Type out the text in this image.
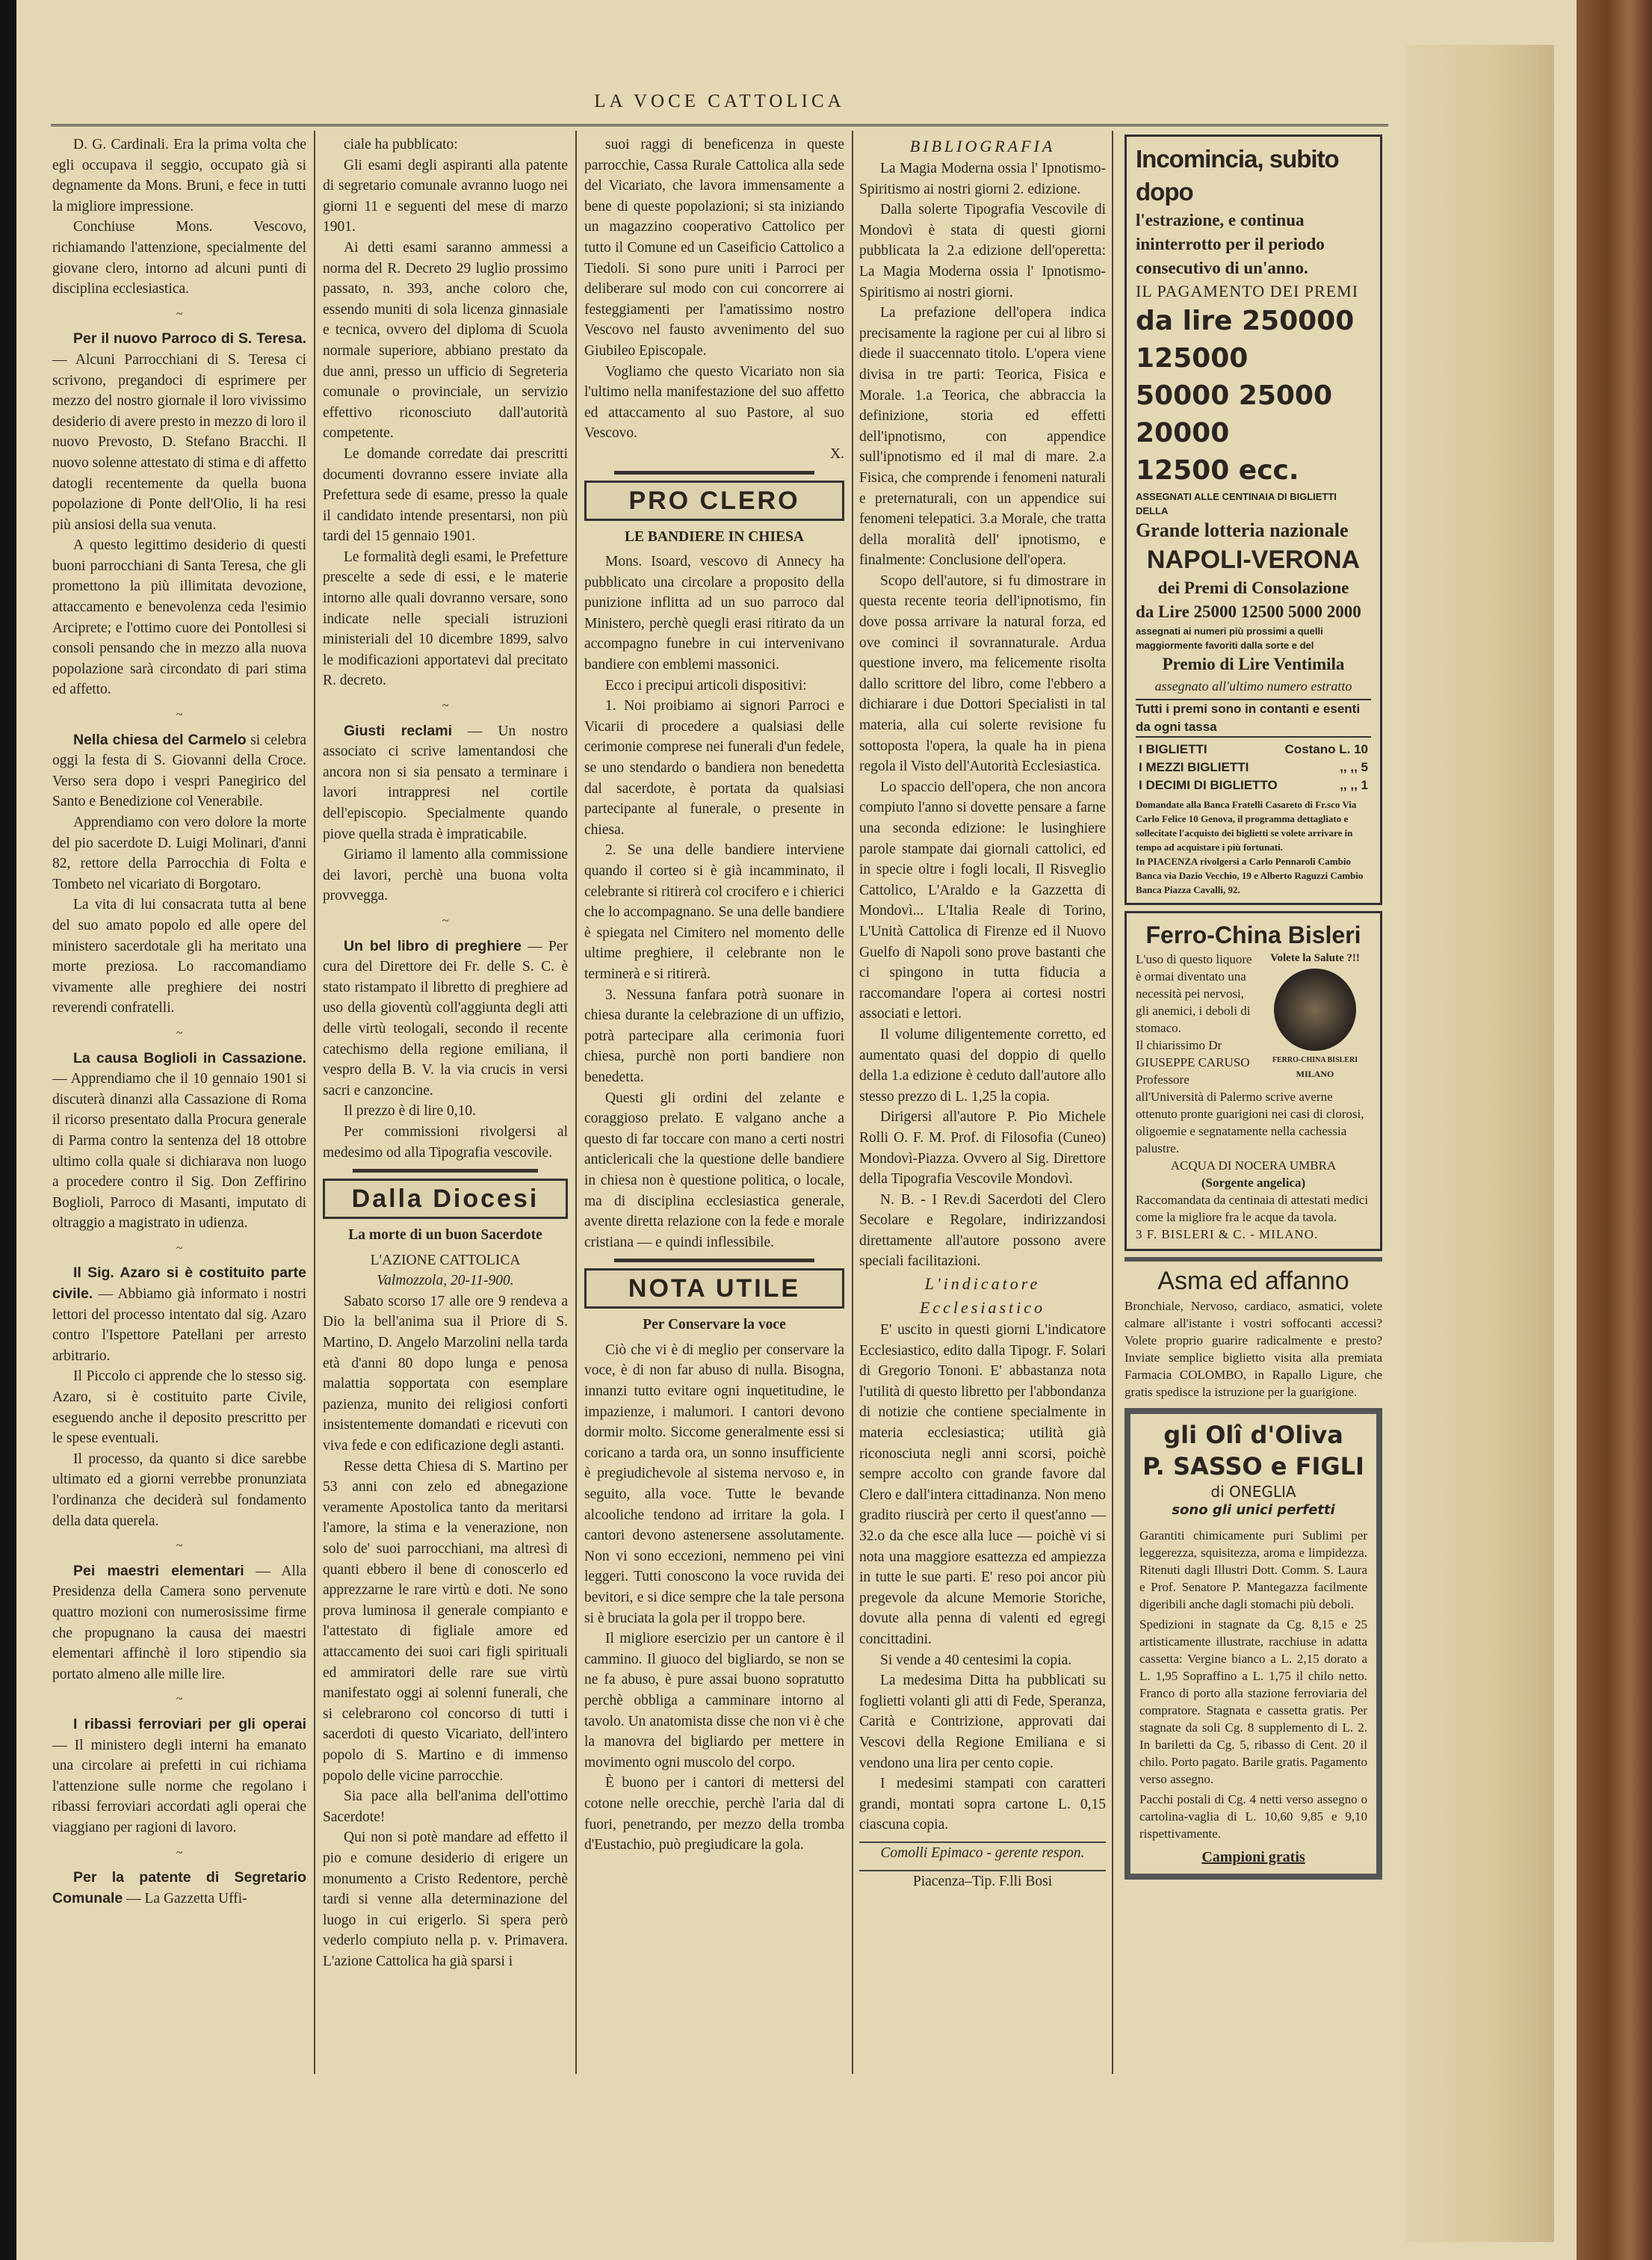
LA VOCE CATTOLICA

D. G. Cardinali. Era la prima volta che egli occupava il seggio, occupato già si degnamente da Mons. Bruni, e fece in tutti la migliore impressione.

Conchiuse Mons. Vescovo, richiamando l'attenzione, specialmente del giovane clero, intorno ad alcuni punti di disciplina ecclesiastica.

~

Per il nuovo Parroco di S. Teresa. — Alcuni Parrocchiani di S. Teresa ci scrivono, pregandoci di esprimere per mezzo del nostro giornale il loro vivissimo desiderio di avere presto in mezzo di loro il nuovo Prevosto, D. Stefano Bracchi. Il nuovo solenne attestato di stima e di affetto datogli recentemente da quella buona popolazione di Ponte dell'Olio, li ha resi più ansiosi della sua venuta.

A questo legittimo desiderio di questi buoni parrocchiani di Santa Teresa, che gli promettono la più illimitata devozione, attaccamento e benevolenza ceda l'esimio Arciprete; e l'ottimo cuore dei Pontollesi si consoli pensando che in mezzo alla nuova popolazione sarà circondato di pari stima ed affetto.

~

Nella chiesa del Carmelo si celebra oggi la festa di S. Giovanni della Croce. Verso sera dopo i vespri Panegirico del Santo e Benedizione col Venerabile.

Apprendiamo con vero dolore la morte del pio sacerdote D. Luigi Molinari, d'anni 82, rettore della Parrocchia di Folta e Tombeto nel vicariato di Borgotaro.

La vita di lui consacrata tutta al bene del suo amato popolo ed alle opere del ministero sacerdotale gli ha meritato una morte preziosa. Lo raccomandiamo vivamente alle preghiere dei nostri reverendi confratelli.

~

La causa Boglioli in Cassazione. — Apprendiamo che il 10 gennaio 1901 si discuterà dinanzi alla Cassazione di Roma il ricorso presentato dalla Procura generale di Parma contro la sentenza del 18 ottobre ultimo colla quale si dichiarava non luogo a procedere contro il Sig. Don Zeffirino Boglioli, Parroco di Masanti, imputato di oltraggio a magistrato in udienza.

~

Il Sig. Azaro si è costituito parte civile. — Abbiamo già informato i nostri lettori del processo intentato dal sig. Azaro contro l'Ispettore Patellani per arresto arbitrario.

Il Piccolo ci apprende che lo stesso sig. Azaro, si è costituito parte Civile, eseguendo anche il deposito prescritto per le spese eventuali.

Il processo, da quanto si dice sarebbe ultimato ed a giorni verrebbe pronunziata l'ordinanza che deciderà sul fondamento della data querela.

~

Pei maestri elementari — Alla Presidenza della Camera sono pervenute quattro mozioni con numerosissime firme che propugnano la causa dei maestri elementari affinchè il loro stipendio sia portato almeno alle mille lire.

~

I ribassi ferroviari per gli operai — Il ministero degli interni ha emanato una circolare ai prefetti in cui richiama l'attenzione sulle norme che regolano i ribassi ferroviari accordati agli operai che viaggiano per ragioni di lavoro.

~

Per la patente di Segretario Comunale — La Gazzetta Uffi-

ciale ha pubblicato:

Gli esami degli aspiranti alla patente di segretario comunale avranno luogo nei giorni 11 e seguenti del mese di marzo 1901.

Ai detti esami saranno ammessi a norma del R. Decreto 29 luglio prossimo passato, n. 393, anche coloro che, essendo muniti di sola licenza ginnasiale e tecnica, ovvero del diploma di Scuola normale superiore, abbiano prestato da due anni, presso un ufficio di Segreteria comunale o provinciale, un servizio effettivo riconosciuto dall'autorità competente.

Le domande corredate dai prescritti documenti dovranno essere inviate alla Prefettura sede di esame, presso la quale il candidato intende presentarsi, non più tardi del 15 gennaio 1901.

Le formalità degli esami, le Prefetture prescelte a sede di essi, e le materie intorno alle quali dovranno versare, sono indicate nelle speciali istruzioni ministeriali del 10 dicembre 1899, salvo le modificazioni apportatevi dal precitato R. decreto.

~

Giusti reclami — Un nostro associato ci scrive lamentandosi che ancora non si sia pensato a terminare i lavori intrappresi nel cortile dell'episcopio. Specialmente quando piove quella strada è impraticabile.

Giriamo il lamento alla commissione dei lavori, perchè una buona volta provvegga.

~

Un bel libro di preghiere — Per cura del Direttore dei Fr. delle S. C. è stato ristampato il libretto di preghiere ad uso della gioventù coll'aggiunta degli atti delle virtù teologali, secondo il recente catechismo della regione emiliana, il vespro della B. V. la via crucis in versi sacri e canzoncine.

Il prezzo è di lire 0,10.

Per commissioni rivolgersi al medesimo od alla Tipografia vescovile.

Dalla Diocesi
La morte di un buon Sacerdote
L'AZIONE CATTOLICA
Valmozzola, 20-11-900.

Sabato scorso 17 alle ore 9 rendeva a Dio la bell'anima sua il Priore di S. Martino, D. Angelo Marzolini nella tarda età d'anni 80 dopo lunga e penosa malattia sopportata con esemplare pazienza, munito dei religiosi conforti insistentemente domandati e ricevuti con viva fede e con edificazione degli astanti.

Resse detta Chiesa di S. Martino per 53 anni con zelo ed abnegazione veramente Apostolica tanto da meritarsi l'amore, la stima e la venerazione, non solo de' suoi parrocchiani, ma altresì di quanti ebbero il bene di conoscerlo ed apprezzarne le rare virtù e doti. Ne sono prova luminosa il generale compianto e l'attestato di figliale amore ed attaccamento dei suoi cari figli spirituali ed ammiratori delle rare sue virtù manifestato oggi ai solenni funerali, che si celebrarono col concorso di tutti i sacerdoti di questo Vicariato, dell'intero popolo di S. Martino e di immenso popolo delle vicine parrocchie.

Sia pace alla bell'anima dell'ottimo Sacerdote!

Qui non si potè mandare ad effetto il pio e comune desiderio di erigere un monumento a Cristo Redentore, perchè tardi si venne alla determinazione del luogo in cui erigerlo. Si spera però vederlo compiuto nella p. v. Primavera. L'azione Cattolica ha già sparsi i

suoi raggi di beneficenza in queste parrocchie, Cassa Rurale Cattolica alla sede del Vicariato, che lavora immensamente a bene di queste popolazioni; si sta iniziando un magazzino cooperativo Cattolico per tutto il Comune ed un Caseificio Cattolico a Tiedoli. Si sono pure uniti i Parroci per deliberare sul modo con cui concorrere ai festeggiamenti per l'amatissimo nostro Vescovo nel fausto avvenimento del suo Giubileo Episcopale.

Vogliamo che questo Vicariato non sia l'ultimo nella manifestazione del suo affetto ed attaccamento al suo Pastore, al suo Vescovo.

X.

PRO CLERO
LE BANDIERE IN CHIESA

Mons. Isoard, vescovo di Annecy ha pubblicato una circolare a proposito della punizione inflitta ad un suo parroco dal Ministero, perchè quegli erasi ritirato da un accompagno funebre in cui intervenivano bandiere con emblemi massonici.

Ecco i precipui articoli dispositivi:

1. Noi proibiamo ai signori Parroci e Vicarii di procedere a qualsiasi delle cerimonie comprese nei funerali d'un fedele, se uno stendardo o bandiera non benedetta dal sacerdote, è portata da qualsiasi partecipante al funerale, o presente in chiesa.

2. Se una delle bandiere interviene quando il corteo si è già incamminato, il celebrante si ritirerà col crocifero e i chierici che lo accompagnano. Se una delle bandiere è spiegata nel Cimitero nel momento delle ultime preghiere, il celebrante non le terminerà e si ritirerà.

3. Nessuna fanfara potrà suonare in chiesa durante la celebrazione di un uffizio, potrà partecipare alla cerimonia fuori chiesa, purchè non porti bandiere non benedetta.

Questi gli ordini del zelante e coraggioso prelato. E valgano anche a questo di far toccare con mano a certi nostri anticlericali che la questione delle bandiere in chiesa non è questione politica, o locale, ma di disciplina ecclesiastica generale, avente diretta relazione con la fede e morale cristiana — e quindi inflessibile.

NOTA UTILE
Per Conservare la voce

Ciò che vi è di meglio per conservare la voce, è di non far abuso di nulla. Bisogna, innanzi tutto evitare ogni inquetitudine, le impazienze, i malumori. I cantori devono dormir molto. Siccome generalmente essi si coricano a tarda ora, un sonno insufficiente è pregiudichevole al sistema nervoso e, in seguito, alla voce. Tutte le bevande alcooliche tendono ad irritare la gola. I cantori devono astenersene assolutamente. Non vi sono eccezioni, nemmeno pei vini leggeri. Tutti conoscono la voce ruvida dei bevitori, e si dice sempre che la tale persona si è bruciata la gola per il troppo bere.

Il migliore esercizio per un cantore è il cammino. Il giuoco del bigliardo, se non se ne fa abuso, è pure assai buono sopratutto perchè obbliga a camminare intorno al tavolo. Un anatomista disse che non vi è che la manovra del bigliardo per mettere in movimento ogni muscolo del corpo.

È buono per i cantori di mettersi del cotone nelle orecchie, perchè l'aria dal di fuori, penetrando, per mezzo della tromba d'Eustachio, può pregiudicare la gola.

BIBLIOGRAFIA

La Magia Moderna ossia l' Ipnotismo-Spiritismo ai nostri giorni 2. edizione.

Dalla solerte Tipografia Vescovile di Mondovì è stata di questi giorni pubblicata la 2.a edizione dell'operetta: La Magia Moderna ossia l' Ipnotismo-Spiritismo ai nostri giorni.

La prefazione dell'opera indica precisamente la ragione per cui al libro si diede il suaccennato titolo. L'opera viene divisa in tre parti: Teorica, Fisica e Morale. 1.a Teorica, che abbraccia la definizione, storia ed effetti dell'ipnotismo, con appendice sull'ipnotismo ed il mal di mare. 2.a Fisica, che comprende i fenomeni naturali e preternaturali, con un appendice sui fenomeni telepatici. 3.a Morale, che tratta della moralità dell' ipnotismo, e finalmente: Conclusione dell'opera.

Scopo dell'autore, si fu dimostrare in questa recente teoria dell'ipnotismo, fin dove possa arrivare la natural forza, ed ove cominci il sovrannaturale. Ardua questione invero, ma felicemente risolta dallo scrittore del libro, come l'ebbero a dichiarare i due Dottori Specialisti in tal materia, alla cui solerte revisione fu sottoposta l'opera, la quale ha in piena regola il Visto dell'Autorità Ecclesiastica.

Lo spaccio dell'opera, che non ancora compiuto l'anno si dovette pensare a farne una seconda edizione: le lusinghiere parole stampate dai giornali cattolici, ed in specie oltre i fogli locali, Il Risveglio Cattolico, L'Araldo e la Gazzetta di Mondovì... L'Italia Reale di Torino, L'Unità Cattolica di Firenze ed il Nuovo Guelfo di Napoli sono prove bastanti che ci spingono in tutta fiducia a raccomandare l'opera ai cortesi nostri associati e lettori.

Il volume diligentemente corretto, ed aumentato quasi del doppio di quello della 1.a edizione è ceduto dall'autore allo stesso prezzo di L. 1,25 la copia.

Dirigersi all'autore P. Pio Michele Rolli O. F. M. Prof. di Filosofia (Cuneo) Mondovì-Piazza. Ovvero al Sig. Direttore della Tipografia Vescovile Mondovì.

N. B. - I Rev.di Sacerdoti del Clero Secolare e Regolare, indirizzandosi direttamente all'autore possono avere speciali facilitazioni.

L'indicatore Ecclesiastico

E' uscito in questi giorni L'indicatore Ecclesiastico, edito dalla Tipogr. F. Solari di Gregorio Tononi. E' abbastanza nota l'utilità di questo libretto per l'abbondanza di notizie che contiene specialmente in materia ecclesiastica; utilità già riconosciuta negli anni scorsi, poichè sempre accolto con grande favore dal Clero e dall'intera cittadinanza. Non meno gradito riuscirà per certo il quest'anno — 32.o da che esce alla luce — poichè vi si nota una maggiore esattezza ed ampiezza in tutte le sue parti. E' reso poi ancor più pregevole da alcune Memorie Storiche, dovute alla penna di valenti ed egregi concittadini.

Si vende a 40 centesimi la copia.

La medesima Ditta ha pubblicati su foglietti volanti gli atti di Fede, Speranza, Carità e Contrizione, approvati dai Vescovi della Regione Emiliana e si vendono una lira per cento copie.

I medesimi stampati con caratteri grandi, montati sopra cartone L. 0,15 ciascuna copia.

Comolli Epimaco - gerente respon.
Piacenza–Tip. F.lli Bosi
Incomincia, subito dopo
l'estrazione, e continua ininterrotto per il periodo consecutivo di un'anno.
IL PAGAMENTO DEI PREMI
da lire 250000 125000
50000 25000 20000
12500 ecc.
ASSEGNATI ALLE CENTINAIA DI BIGLIETTI DELLA
Grande lotteria nazionale
NAPOLI-VERONA
dei Premi di Consolazione
da Lire 25000 12500 5000 2000
assegnati ai numeri più prossimi a quelli maggiormente favoriti dalla sorte e del
Premio di Lire Ventimila
assegnato all'ultimo numero estratto
Tutti i premi sono in contanti e esenti da ogni tassa
I BIGLIETTI	Costano L. 10
I MEZZI BIGLIETTI	,, ,, 5
I DECIMI DI BIGLIETTO	,, ,, 1
Domandate alla Banca Fratelli Casareto di Fr.sco Via Carlo Felice 10 Genova, il programma dettagliato e sollecitate l'acquisto dei biglietti se volete arrivare in tempo ad acquistare i più fortunati.
In PIACENZA rivolgersi a Carlo Pennaroli Cambio Banca via Dazio Vecchio, 19 e Alberto Raguzzi Cambio Banca Piazza Cavalli, 92.
Ferro-China Bisleri
Volete la Salute ?!!
FERRO-CHINA BISLERI
MILANO
L'uso di questo liquore è ormai diventato una necessità pei nervosi, gli anemici, i deboli di stomaco.
Il chiarissimo Dr GIUSEPPE CARUSO Professore all'Università di Palermo scrive averne ottenuto pronte guarigioni nei casi di clorosi, oligoemie e segnatamente nella cachessia palustre.
ACQUA DI NOCERA UMBRA
(Sorgente angelica)
Raccomandata da centinaia di attestati medici come la migliore fra le acque da tavola.
3 F. BISLERI & C. - MILANO.
Asma ed affanno
Bronchiale, Nervoso, cardiaco, asmatici, volete calmare all'istante i vostri soffocanti accessi? Volete proprio guarire radicalmente e presto? Inviate semplice biglietto visita alla premiata Farmacia COLOMBO, in Rapallo Ligure, che gratis spedisce la istruzione per la guarigione.
gli Olî d'Oliva
P. SASSO e FIGLI
di ONEGLIA
sono gli unici perfetti
Garantiti chimicamente puri Sublimi per leggerezza, squisitezza, aroma e limpidezza. Ritenuti dagli Illustri Dott. Comm. S. Laura e Prof. Senatore P. Mantegazza facilmente digeribili anche dagli stomachi più deboli.
Spedizioni in stagnate da Cg. 8,15 e 25 artisticamente illustrate, racchiuse in adatta cassetta: Vergine bianco a L. 2,15 dorato a L. 1,95 Sopraffino a L. 1,75 il chilo netto. Franco di porto alla stazione ferroviaria del compratore. Stagnata e cassetta gratis. Per stagnate da soli Cg. 8 supplemento di L. 2. In bariletti da Cg. 5, ribasso di Cent. 20 il chilo. Porto pagato. Barile gratis. Pagamento verso assegno.
Pacchi postali di Cg. 4 netti verso assegno o cartolina-vaglia di L. 10,60 9,85 e 9,10 rispettivamente.
Campioni gratis
